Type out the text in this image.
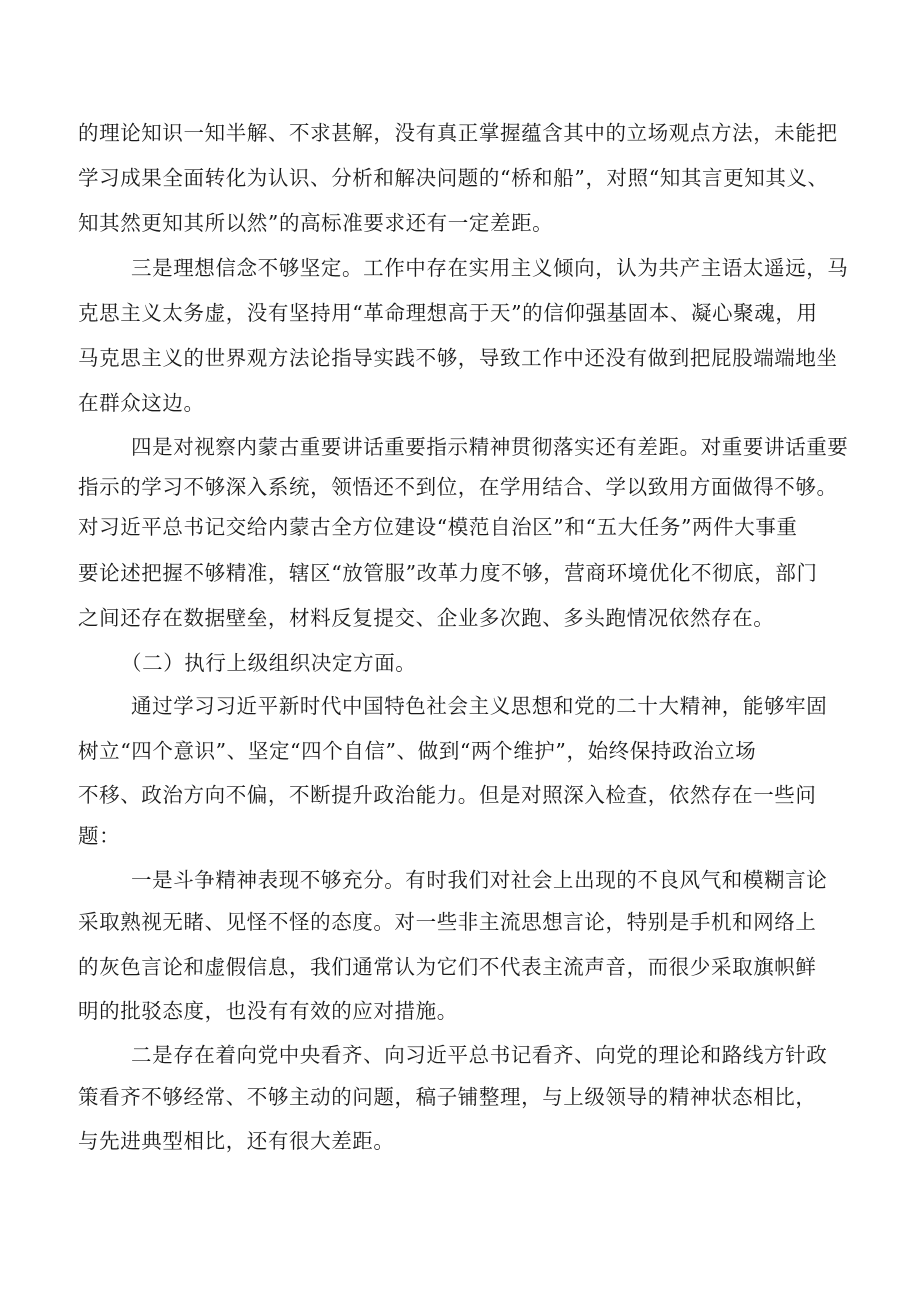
的理论知识一知半解、不求甚解，没有真正掌握蕴含其中的立场观点方法，未能把
学习成果全面转化为认识、分析和解决问题的“桥和船”，对照“知其言更知其义、
知其然更知其所以然”的高标准要求还有一定差距。
三是理想信念不够坚定。工作中存在实用主义倾向，认为共产主语太遥远，马
克思主义太务虚，没有坚持用“革命理想高于天”的信仰强基固本、凝心聚魂，用
马克思主义的世界观方法论指导实践不够，导致工作中还没有做到把屁股端端地坐
在群众这边。
四是对视察内蒙古重要讲话重要指示精神贯彻落实还有差距。对重要讲话重要
指示的学习不够深入系统，领悟还不到位，在学用结合、学以致用方面做得不够。
对习近平总书记交给内蒙古全方位建设“模范自治区”和“五大任务”两件大事重
要论述把握不够精准，辖区“放管服”改革力度不够，营商环境优化不彻底，部门
之间还存在数据壁垒，材料反复提交、企业多次跑、多头跑情况依然存在。
（二）执行上级组织决定方面。
通过学习习近平新时代中国特色社会主义思想和党的二十大精神，能够牢固
树立“四个意识”、坚定“四个自信”、做到“两个维护”，始终保持政治立场
不移、政治方向不偏，不断提升政治能力。但是对照深入检查，依然存在一些问
题：
一是斗争精神表现不够充分。有时我们对社会上出现的不良风气和模糊言论
采取熟视无睹、见怪不怪的态度。对一些非主流思想言论，特别是手机和网络上
的灰色言论和虚假信息，我们通常认为它们不代表主流声音，而很少采取旗帜鲜
明的批驳态度，也没有有效的应对措施。
二是存在着向党中央看齐、向习近平总书记看齐、向党的理论和路线方针政
策看齐不够经常、不够主动的问题，稿子铺整理，与上级领导的精神状态相比，
与先进典型相比，还有很大差距。
